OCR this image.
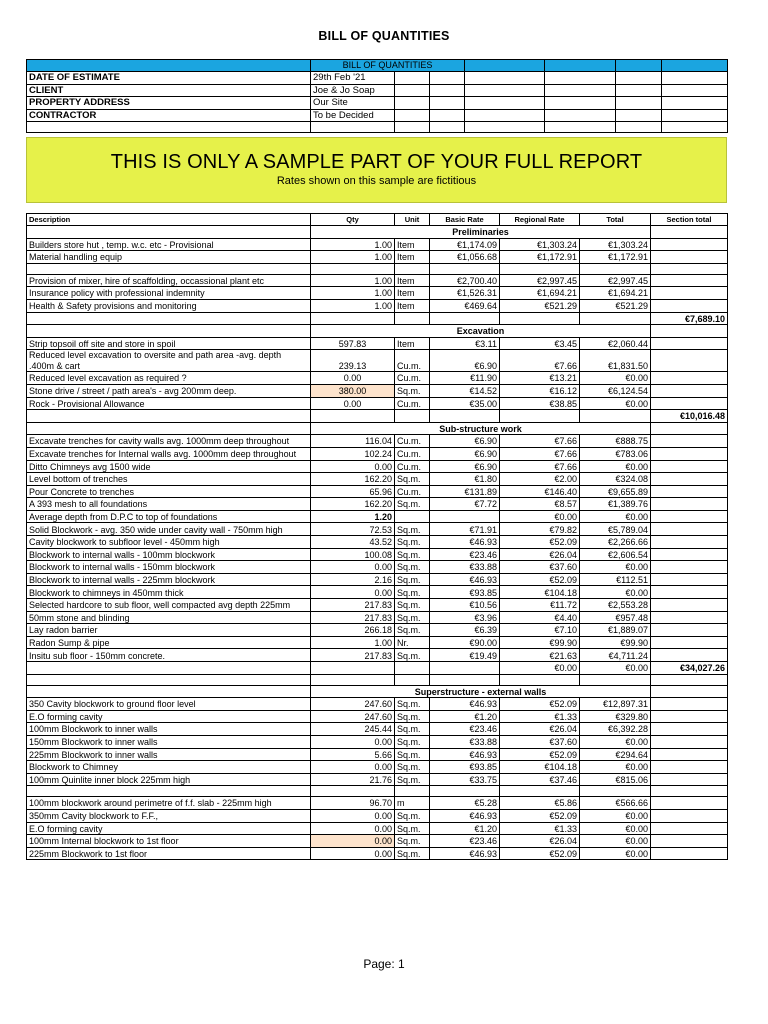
BILL OF QUANTITIES
	BILL OF QUANTITIES						
DATE OF ESTIMATE	29th Feb '21						
CLIENT	Joe & Jo Soap						
PROPERTY ADDRESS	Our Site						
CONTRACTOR	To be Decided						

THIS IS ONLY A SAMPLE PART OF YOUR FULL REPORT
Rates shown on this sample are fictitious
Description	Qty	Unit	Basic Rate	Regional Rate	Total	Section total
	Preliminaries					
Builders store hut , temp. w.c. etc - Provisional	1.00	Item	€1,174.09	€1,303.24	€1,303.24	
Material handling equip	1.00	Item	€1,056.68	€1,172.91	€1,172.91	

Provision of mixer, hire of scaffolding, occassional plant etc	1.00	Item	€2,700.40	€2,997.45	€2,997.45	
Insurance policy with professional indemnity	1.00	Item	€1,526.31	€1,694.21	€1,694.21	
Health & Safety provisions and monitoring	1.00	Item	€469.64	€521.29	€521.29	
						€7,689.10
	Excavation					
Strip topsoil off site and store in spoil	597.83	Item	€3.11	€3.45	€2,060.44	
Reduced level excavation to oversite and path area -avg. depth .400m & cart	239.13	Cu.m.	€6.90	€7.66	€1,831.50	
Reduced level excavation as required ?	0.00	Cu.m.	€11.90	€13.21	€0.00	
Stone drive / street / path area's - avg 200mm deep.	380.00	Sq.m.	€14.52	€16.12	€6,124.54	
Rock - Provisional Allowance	0.00	Cu.m.	€35.00	€38.85	€0.00	
						€10,016.48
	Sub-structure work					
Excavate trenches for cavity walls avg. 1000mm deep throughout	116.04	Cu.m.	€6.90	€7.66	€888.75	
Excavate trenches for Internal walls avg. 1000mm deep throughout	102.24	Cu.m.	€6.90	€7.66	€783.06	
Ditto Chimneys avg 1500 wide	0.00	Cu.m.	€6.90	€7.66	€0.00	
Level bottom of trenches	162.20	Sq.m.	€1.80	€2.00	€324.08	
Pour Concrete to trenches	65.96	Cu.m.	€131.89	€146.40	€9,655.89	
A 393 mesh to all foundations	162.20	Sq.m.	€7.72	€8.57	€1,389.76	
Average depth from D.P.C to top of foundations	1.20			€0.00	€0.00	
Solid Blockwork - avg. 350 wide under cavity wall - 750mm high	72.53	Sq.m.	€71.91	€79.82	€5,789.04	
Cavity blockwork to subfloor level - 450mm high	43.52	Sq.m.	€46.93	€52.09	€2,266.66	
Blockwork to internal walls - 100mm blockwork	100.08	Sq.m.	€23.46	€26.04	€2,606.54	
Blockwork to internal walls - 150mm blockwork	0.00	Sq.m.	€33.88	€37.60	€0.00	
Blockwork to internal walls - 225mm blockwork	2.16	Sq.m.	€46.93	€52.09	€112.51	
Blockwork to chimneys in 450mm thick	0.00	Sq.m.	€93.85	€104.18	€0.00	
Selected hardcore to sub floor, well compacted avg depth 225mm	217.83	Sq.m.	€10.56	€11.72	€2,553.28	
50mm stone and blinding	217.83	Sq.m.	€3.96	€4.40	€957.48	
Lay radon barrier	266.18	Sq.m.	€6.39	€7.10	€1,889.07	
Radon Sump & pipe	1.00	Nr.	€90.00	€99.90	€99.90	
Insitu sub floor - 150mm concrete.	217.83	Sq.m.	€19.49	€21.63	€4,711.24	
				€0.00	€0.00	€34,027.26

	Superstructure - external walls					
350 Cavity blockwork to ground floor level	247.60	Sq.m.	€46.93	€52.09	€12,897.31	
E.O forming cavity	247.60	Sq.m.	€1.20	€1.33	€329.80	
100mm Blockwork to inner walls	245.44	Sq.m.	€23.46	€26.04	€6,392.28	
150mm Blockwork to inner walls	0.00	Sq.m.	€33.88	€37.60	€0.00	
225mm Blockwork to inner walls	5.66	Sq.m.	€46.93	€52.09	€294.64	
Blockwork to Chimney	0.00	Sq.m.	€93.85	€104.18	€0.00	
100mm Quinlite inner block 225mm high	21.76	Sq.m.	€33.75	€37.46	€815.06	

100mm blockwork around perimetre of f.f. slab - 225mm high	96.70	m	€5.28	€5.86	€566.66	
350mm Cavity blockwork to F.F.,	0.00	Sq.m.	€46.93	€52.09	€0.00	
E.O forming cavity	0.00	Sq.m.	€1.20	€1.33	€0.00	
100mm Internal blockwork to 1st floor	0.00	Sq.m.	€23.46	€26.04	€0.00	
225mm Blockwork to 1st floor	0.00	Sq.m.	€46.93	€52.09	€0.00	
Page: 1
